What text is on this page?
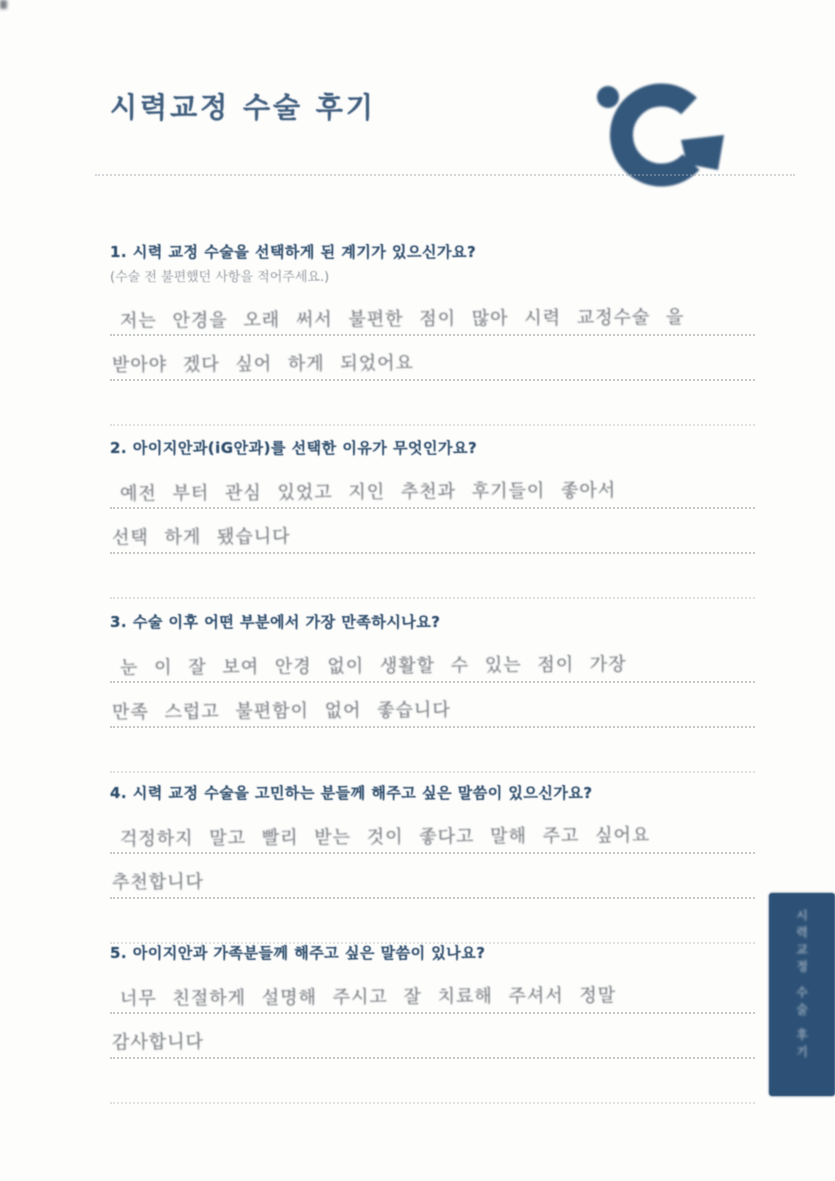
시력교정 수술 후기
1. 시력 교정 수술을 선택하게 된 계기가 있으신가요?
(수술 전 불편했던 사항을 적어주세요.)
저는 안경을 오래 써서 불편한 점이 많아 시력 교정수술 을
받아야 겠다 싶어 하게 되었어요
2. 아이지안과(iG안과)를 선택한 이유가 무엇인가요?
예전 부터 관심 있었고 지인 추천과 후기들이 좋아서
선택 하게 됐습니다
3. 수술 이후 어떤 부분에서 가장 만족하시나요?
눈 이 잘 보여 안경 없이 생활할 수 있는 점이 가장
만족 스럽고 불편함이 없어 좋습니다
4. 시력 교정 수술을 고민하는 분들께 해주고 싶은 말씀이 있으신가요?
걱정하지 말고 빨리 받는 것이 좋다고 말해 주고 싶어요
추천합니다
5. 아이지안과 가족분들께 해주고 싶은 말씀이 있나요?
너무 친절하게 설명해 주시고 잘 치료해 주셔서 정말
감사합니다	시력교정 수술 후기
